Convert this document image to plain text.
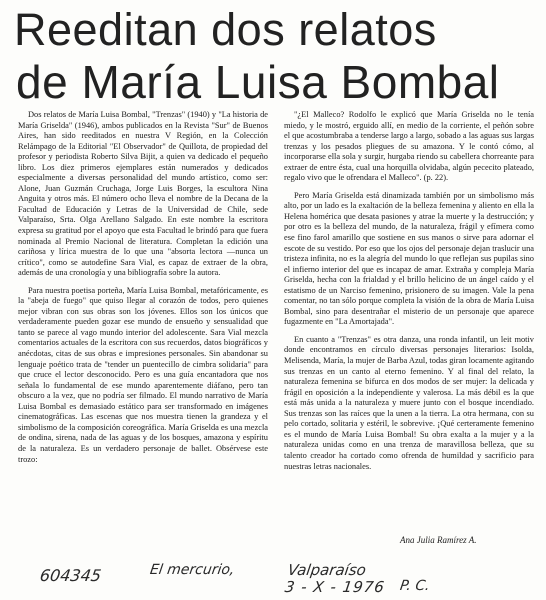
Reeditan dos relatos
de María Luisa Bombal

Dos relatos de María Luisa Bombal, "Trenzas" (1940) y "La historia de María Griselda" (1946), ambos publicados en la Revista "Sur" de Buenos Aires, han sido reeditados en nuestra V Región, en la Colección Relámpago de la Editorial "El Observador" de Quillota, de propiedad del profesor y periodista Roberto Silva Bijit, a quien va dedicado el pequeño libro. Los diez primeros ejemplares están numerados y dedicados especialmente a diversas personalidad del mundo artístico, como ser: Alone, Juan Guzmán Cruchaga, Jorge Luis Borges, la escultora Nina Anguita y otros más. El número ocho lleva el nombre de la Decana de la Facultad de Educación y Letras de la Universidad de Chile, sede Valparaíso, Srta. Olga Arellano Salgado. En este nombre la escritora expresa su gratitud por el apoyo que esta Facultad le brindó para que fuera nominada al Premio Nacional de literatura. Completan la edición una cariñosa y lírica muestra de lo que una "absorta lectora —nunca un crítico", como se autodefine Sara Vial, es capaz de extraer de la obra, además de una cronología y una bibliografía sobre la autora.

Para nuestra poetisa porteña, María Luisa Bombal, metafóricamente, es la "abeja de fuego" que quiso llegar al corazón de todos, pero quienes mejor vibran con sus obras son los jóvenes. Ellos son los únicos que verdaderamente pueden gozar ese mundo de ensueño y sensualidad que tanto se parece al vago mundo interior del adolescente. Sara Vial mezcla comentarios actuales de la escritora con sus recuerdos, datos biográficos y anécdotas, citas de sus obras e impresiones personales. Sin abandonar su lenguaje poético trata de "tender un puentecillo de cimbra solidaria" para que cruce el lector desconocido. Pero es una guía encantadora que nos señala lo fundamental de ese mundo aparentemente diáfano, pero tan obscuro a la vez, que no podría ser filmado. El mundo narrativo de María Luisa Bombal es demasiado estático para ser transformado en imágenes cinematográficas. Las escenas que nos muestra tienen la grandeza y el simbolismo de la composición coreográfica. María Griselda es una mezcla de ondina, sirena, nada de las aguas y de los bosques, amazona y espíritu de la naturaleza. Es un verdadero personaje de ballet. Obsérvese este trozo:

"¿El Malleco? Rodolfo le explicó que María Griselda no le tenía miedo, y le mostró, erguido allí, en medio de la corriente, el peñón sobre el que acostumbraba a tenderse largo a largo, sobado a las aguas sus largas trenzas y los pesados pliegues de su amazona. Y le contó cómo, al incorporarse ella sola y surgir, hurgaba riendo su cabellera chorreante para extraer de entre ésta, cual una horquilla olvidaba, algún pececito plateado, regalo vivo que le ofrendara el Malleco". (p. 22).

Pero María Griselda está dinamizada también por un simbolismo más alto, por un lado es la exaltación de la belleza femenina y aliento en ella la Helena homérica que desata pasiones y atrae la muerte y la destrucción; y por otro es la belleza del mundo, de la naturaleza, frágil y efímera como ese fino farol amarillo que sostiene en sus manos o sirve para adornar el escote de su vestido. Por eso que los ojos del personaje dejan traslucir una tristeza infinita, no es la alegría del mundo lo que reflejan sus pupilas sino el infierno interior del que es incapaz de amar. Extraña y compleja María Griselda, hecha con la frialdad y el brillo helicino de un ángel caído y el estatismo de un Narciso femenino, prisionero de su imagen. Vale la pena comentar, no tan sólo porque completa la visión de la obra de María Luisa Bombal, sino para desentrañar el misterio de un personaje que aparece fugazmente en "La Amortajada".

En cuanto a "Trenzas" es otra danza, una ronda infantil, un leit motiv donde encontramos en círculo diversas personajes literarios: Isolda, Melisenda, María, la mujer de Barba Azul, todas giran locamente agitando sus trenzas en un canto al eterno femenino. Y al final del relato, la naturaleza femenina se bifurca en dos modos de ser mujer: la delicada y frágil en oposición a la independiente y valerosa. La más débil es la que está más unida a la naturaleza y muere junto con el bosque incendiado. Sus trenzas son las raíces que la unen a la tierra. La otra hermana, con su pelo cortado, solitaria y estéril, le sobrevive. ¡Qué certeramente femenino es el mundo de María Luisa Bombal! Su obra exalta a la mujer y a la naturaleza unidas como en una trenza de maravillosa belleza, que su talento creador ha cortado como ofrenda de humildad y sacrificio para nuestras letras nacionales.

Ana Julia Ramírez A.
604345	El mercurio,	Valparaíso
3 - X - 1976 P. C.
